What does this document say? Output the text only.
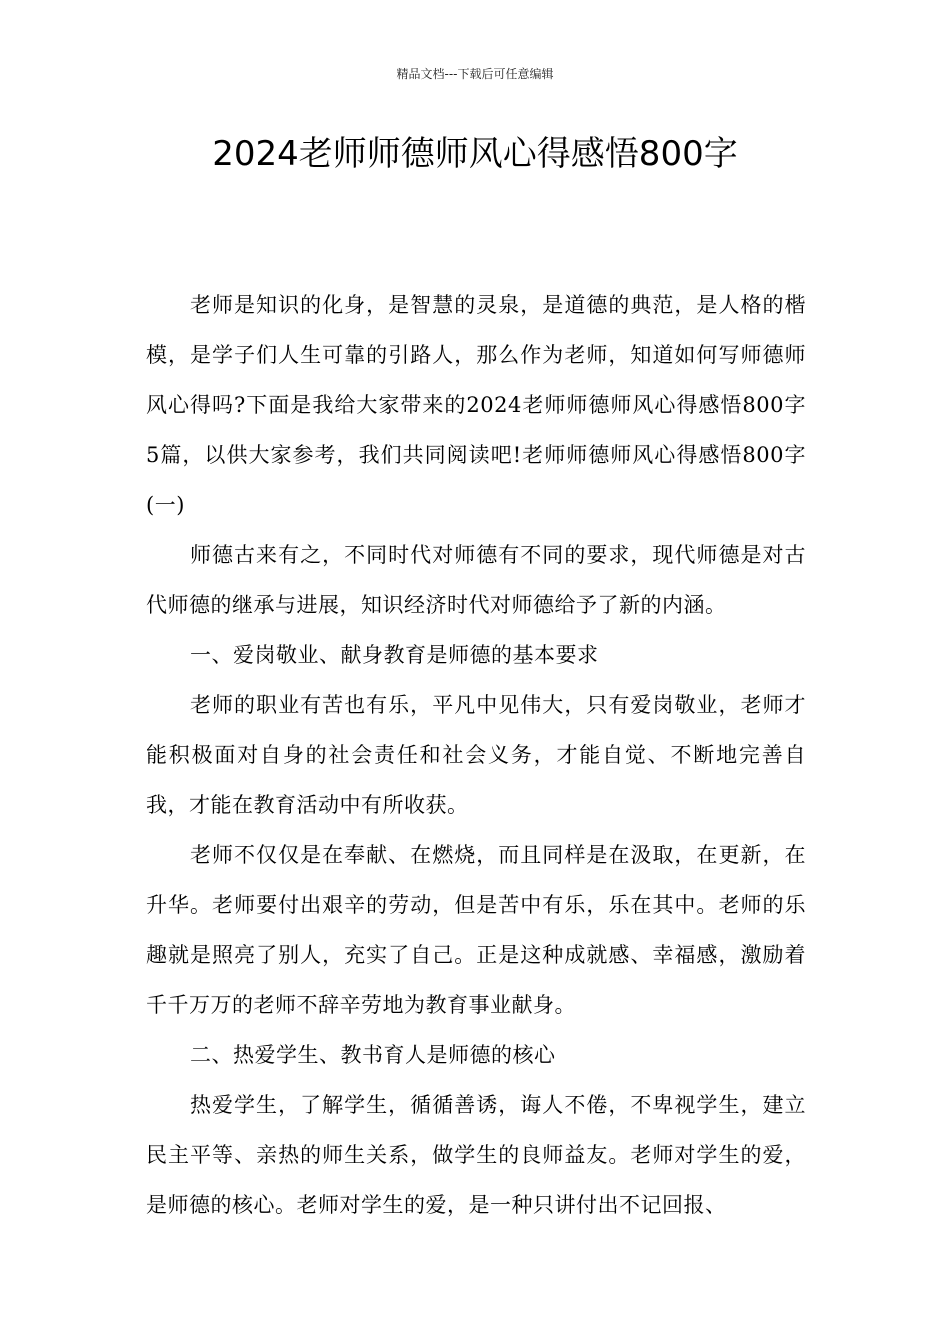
精品文档---下载后可任意编辑
2024老师师德师风心得感悟800字

老师是知识的化身，是智慧的灵泉，是道德的典范，是人格的楷模，是学子们人生可靠的引路人，那么作为老师，知道如何写师德师风心得吗?下面是我给大家带来的2024老师师德师风心得感悟800字5篇，以供大家参考，我们共同阅读吧!老师师德师风心得感悟800字(一)

师德古来有之，不同时代对师德有不同的要求，现代师德是对古代师德的继承与进展，知识经济时代对师德给予了新的内涵。

一、爱岗敬业、献身教育是师德的基本要求

老师的职业有苦也有乐，平凡中见伟大，只有爱岗敬业，老师才能积极面对自身的社会责任和社会义务，才能自觉、不断地完善自我，才能在教育活动中有所收获。

老师不仅仅是在奉献、在燃烧，而且同样是在汲取，在更新，在升华。老师要付出艰辛的劳动，但是苦中有乐，乐在其中。老师的乐趣就是照亮了别人，充实了自己。正是这种成就感、幸福感，激励着千千万万的老师不辞辛劳地为教育事业献身。

二、热爱学生、教书育人是师德的核心

热爱学生，了解学生，循循善诱，诲人不倦，不卑视学生，建立民主平等、亲热的师生关系，做学生的良师益友。老师对学生的爱，是师德的核心。老师对学生的爱，是一种只讲付出不记回报、
